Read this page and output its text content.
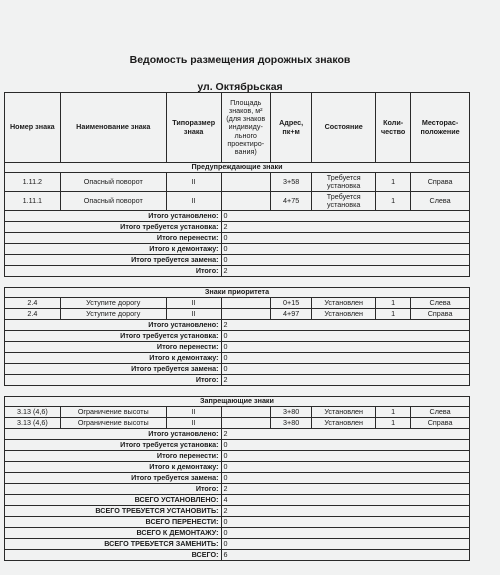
Ведомость размещения дорожных знаков
ул. Октябрьская
Номер знака	Наименование знака	Типоразмер знака	Площадь знаков, м² (для знаков индивиду-льного проектиро-вания)	Адрес, пк+м	Состояние	Коли-чество	Месторас-положение
Предупреждающие знаки							
1.11.2	Опасный поворот	II		3+58	Требуется установка	1	Справа
1.11.1	Опасный поворот	II		4+75	Требуется установка	1	Слева
Итого установлено:			0				
Итого требуется установка:			2				
Итого перенести:			0				
Итого к демонтажу:			0				
Итого требуется замена:			0				
Итого:			2				

Знаки приоритета							
2.4	Уступите дорогу	II		0+15	Установлен	1	Слева
2.4	Уступите дорогу	II		4+97	Установлен	1	Справа
Итого установлено:			2				
Итого требуется установка:			0				
Итого перенести:			0				
Итого к демонтажу:			0				
Итого требуется замена:			0				
Итого:			2				

Запрещающие знаки							
3.13 (4,6)	Ограничение высоты	II		3+80	Установлен	1	Слева
3.13 (4,6)	Ограничение высоты	II		3+80	Установлен	1	Справа
Итого установлено:			2				
Итого требуется установка:			0				
Итого перенести:			0				
Итого к демонтажу:			0				
Итого требуется замена:			0				
Итого:			2				
ВСЕГО УСТАНОВЛЕНО:			4				
ВСЕГО ТРЕБУЕТСЯ УСТАНОВИТЬ:			2				
ВСЕГО ПЕРЕНЕСТИ:			0				
ВСЕГО К ДЕМОНТАЖУ:			0				
ВСЕГО ТРЕБУЕТСЯ ЗАМЕНИТЬ:			0				
ВСЕГО:			6				
